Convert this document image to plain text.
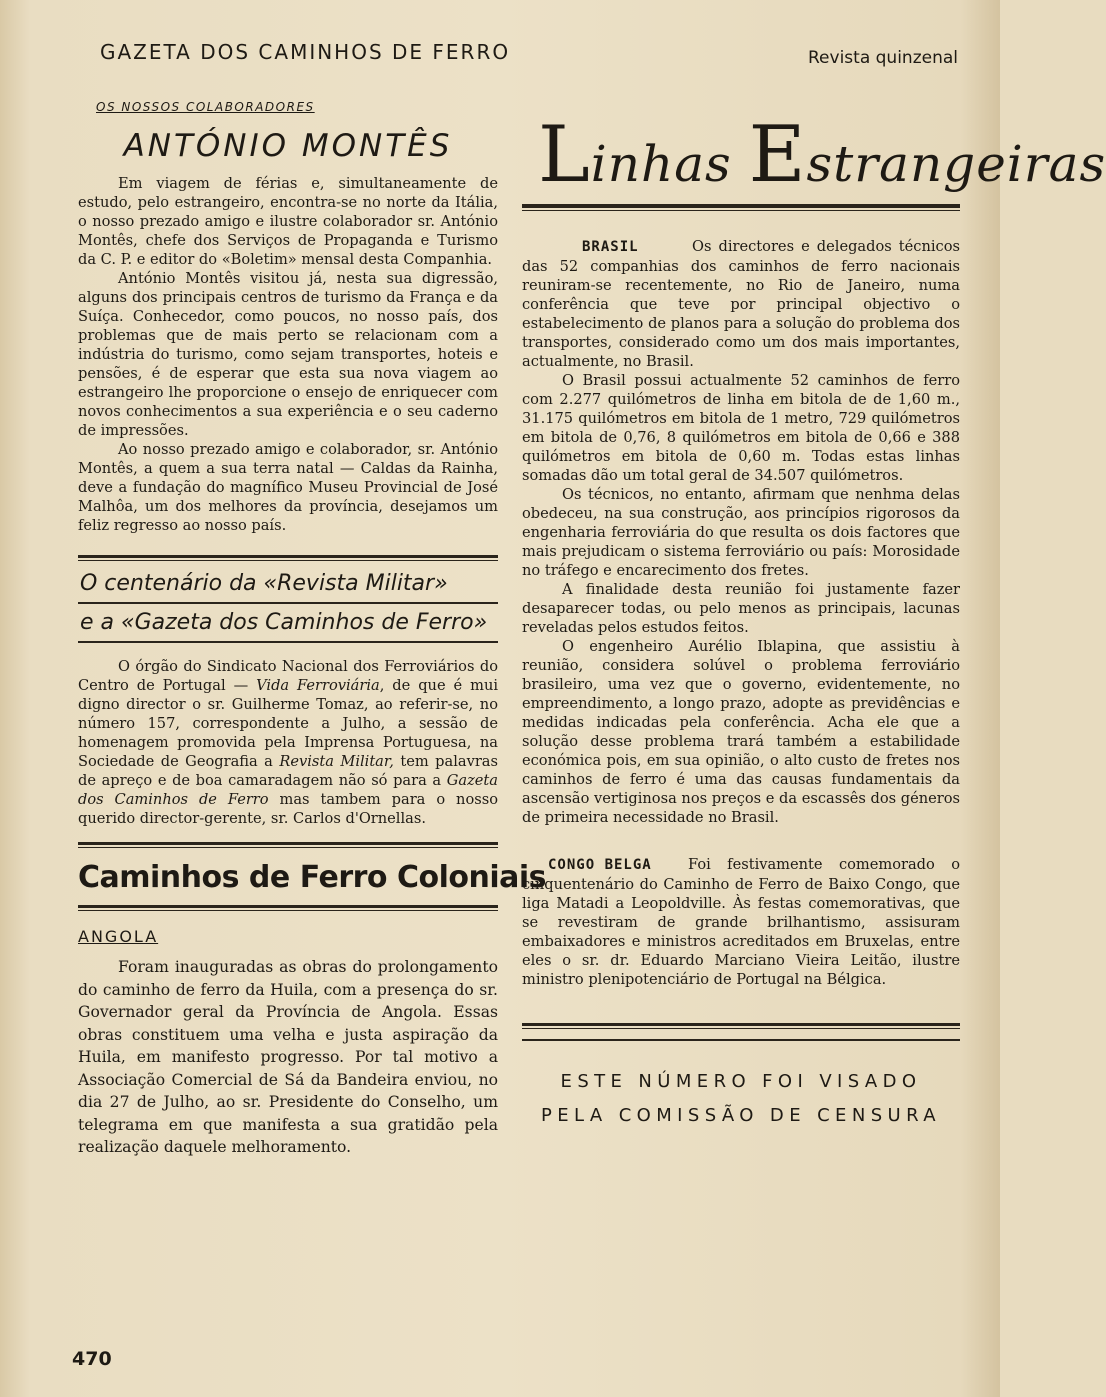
GAZETA DOS CAMINHOS DE FERRO	Revista quinzenal
OS NOSSOS COLABORADORES
ANTÓNIO MONTÊS

Em viagem de férias e, simultaneamente de estudo, pelo estrangeiro, encontra-se no norte da Itália, o nosso prezado amigo e ilustre colaborador sr. António Montês, chefe dos Serviços de Propaganda e Turismo da C. P. e editor do «Boletim» mensal desta Companhia.

António Montês visitou já, nesta sua digressão, alguns dos principais centros de turismo da França e da Suíça. Conhecedor, como poucos, no nosso país, dos problemas que de mais perto se relacionam com a indústria do turismo, como sejam transportes, hoteis e pensões, é de esperar que esta sua nova viagem ao estrangeiro lhe proporcione o ensejo de enriquecer com novos conhecimentos a sua experiência e o seu caderno de impressões.

Ao nosso prezado amigo e colaborador, sr. António Montês, a quem a sua terra natal — Caldas da Rainha, deve a fundação do magnífico Museu Provincial de José Malhôa, um dos melhores da província, desejamos um feliz regresso ao nosso país.

O centenário da «Revista Militar»
e a «Gazeta dos Caminhos de Ferro»

O órgão do Sindicato Nacional dos Ferroviários do Centro de Portugal — Vida Ferroviária, de que é mui digno director o sr. Guilherme Tomaz, ao referir-se, no número 157, correspondente a Julho, a sessão de homenagem promovida pela Imprensa Portuguesa, na Sociedade de Geografia a Revista Militar, tem palavras de apreço e de boa camaradagem não só para a Gazeta dos Caminhos de Ferro mas tambem para o nosso querido director-gerente, sr. Carlos d'Ornellas.

Caminhos de Ferro Coloniais
ANGOLA

Foram inauguradas as obras do prolongamento do caminho de ferro da Huila, com a presença do sr. Governador geral da Província de Angola. Essas obras constituem uma velha e justa aspiração da Huila, em manifesto progresso. Por tal motivo a Associação Comercial de Sá da Bandeira enviou, no dia 27 de Julho, ao sr. Presidente do Conselho, um telegrama em que manifesta a sua gratidão pela realização daquele melhoramento.

Linhas Estrangeiras

BRASIL	Os directores e delegados técnicos das 52 companhias dos caminhos de ferro nacionais reuniram-se recentemente, no Rio de Janeiro, numa conferência que teve por principal objectivo o estabelecimento de planos para a solução do problema dos transportes, considerado como um dos mais importantes, actualmente, no Brasil.

O Brasil possui actualmente 52 caminhos de ferro com 2.277 quilómetros de linha em bitola de de 1,60 m., 31.175 quilómetros em bitola de 1 metro, 729 quilómetros em bitola de 0,76, 8 quilómetros em bitola de 0,66 e 388 quilómetros em bitola de 0,60 m. Todas estas linhas somadas dão um total geral de 34.507 quilómetros.

Os técnicos, no entanto, afirmam que nenhma delas obedeceu, na sua construção, aos princípios rigorosos da engenharia ferroviária do que resulta os dois factores que mais prejudicam o sistema ferroviário ou país: Morosidade no tráfego e encarecimento dos fretes.

A finalidade desta reunião foi justamente fazer desaparecer todas, ou pelo menos as principais, lacunas reveladas pelos estudos feitos.

O engenheiro Aurélio Iblapina, que assistiu à reunião, considera solúvel o problema ferroviário brasileiro, uma vez que o governo, evidentemente, no empreendimento, a longo prazo, adopte as previdências e medidas indicadas pela conferência. Acha ele que a solução desse problema trará também a estabilidade económica pois, em sua opinião, o alto custo de fretes nos caminhos de ferro é uma das causas fundamentais da ascensão vertiginosa nos preços e da escassês dos géneros de primeira necessidade no Brasil.

CONGO BELGA Foi festivamente comemorado o cinquentenário do Caminho de Ferro de Baixo Congo, que liga Matadi a Leopoldville. Às festas comemorativas, que se revestiram de grande brilhantismo, assisuram embaixadores e ministros acreditados em Bruxelas, entre eles o sr. dr. Eduardo Marciano Vieira Leitão, ilustre ministro plenipotenciário de Portugal na Bélgica.

ESTE NÚMERO FOI VISADO
PELA COMISSÃO DE CENSURA
470
